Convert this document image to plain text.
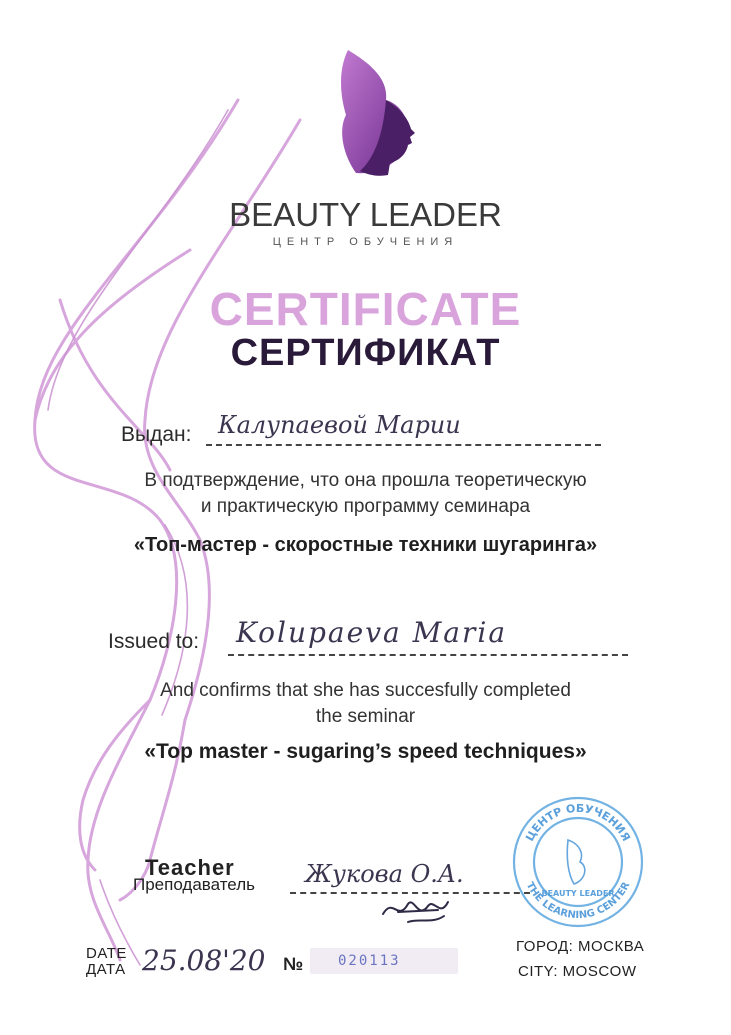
BEAUTY LEADER
ЦЕНТР ОБУЧЕНИЯ
CERTIFICATE
СЕРТИФИКАТ
Выдан: Калупаевой Марии
В подтверждение, что она прошла теоретическую
и практическую программу семинара
«Топ-мастер - скоростные техники шугаринга»
Issued to: Kolupaeva Maria
And confirms that she has succesfully completed
the seminar
«Top master - sugaring’s speed techniques»
Teacher
Преподаватель Жукова О.А.
DATE
ДАТА 25.08'20 № 020113
ГОРОД: МОСКВА
CITY: MOSCOW
ЦЕНТР ОБУЧЕНИЯ
THE LEARNING CENTER
BEAUTY LEADER
